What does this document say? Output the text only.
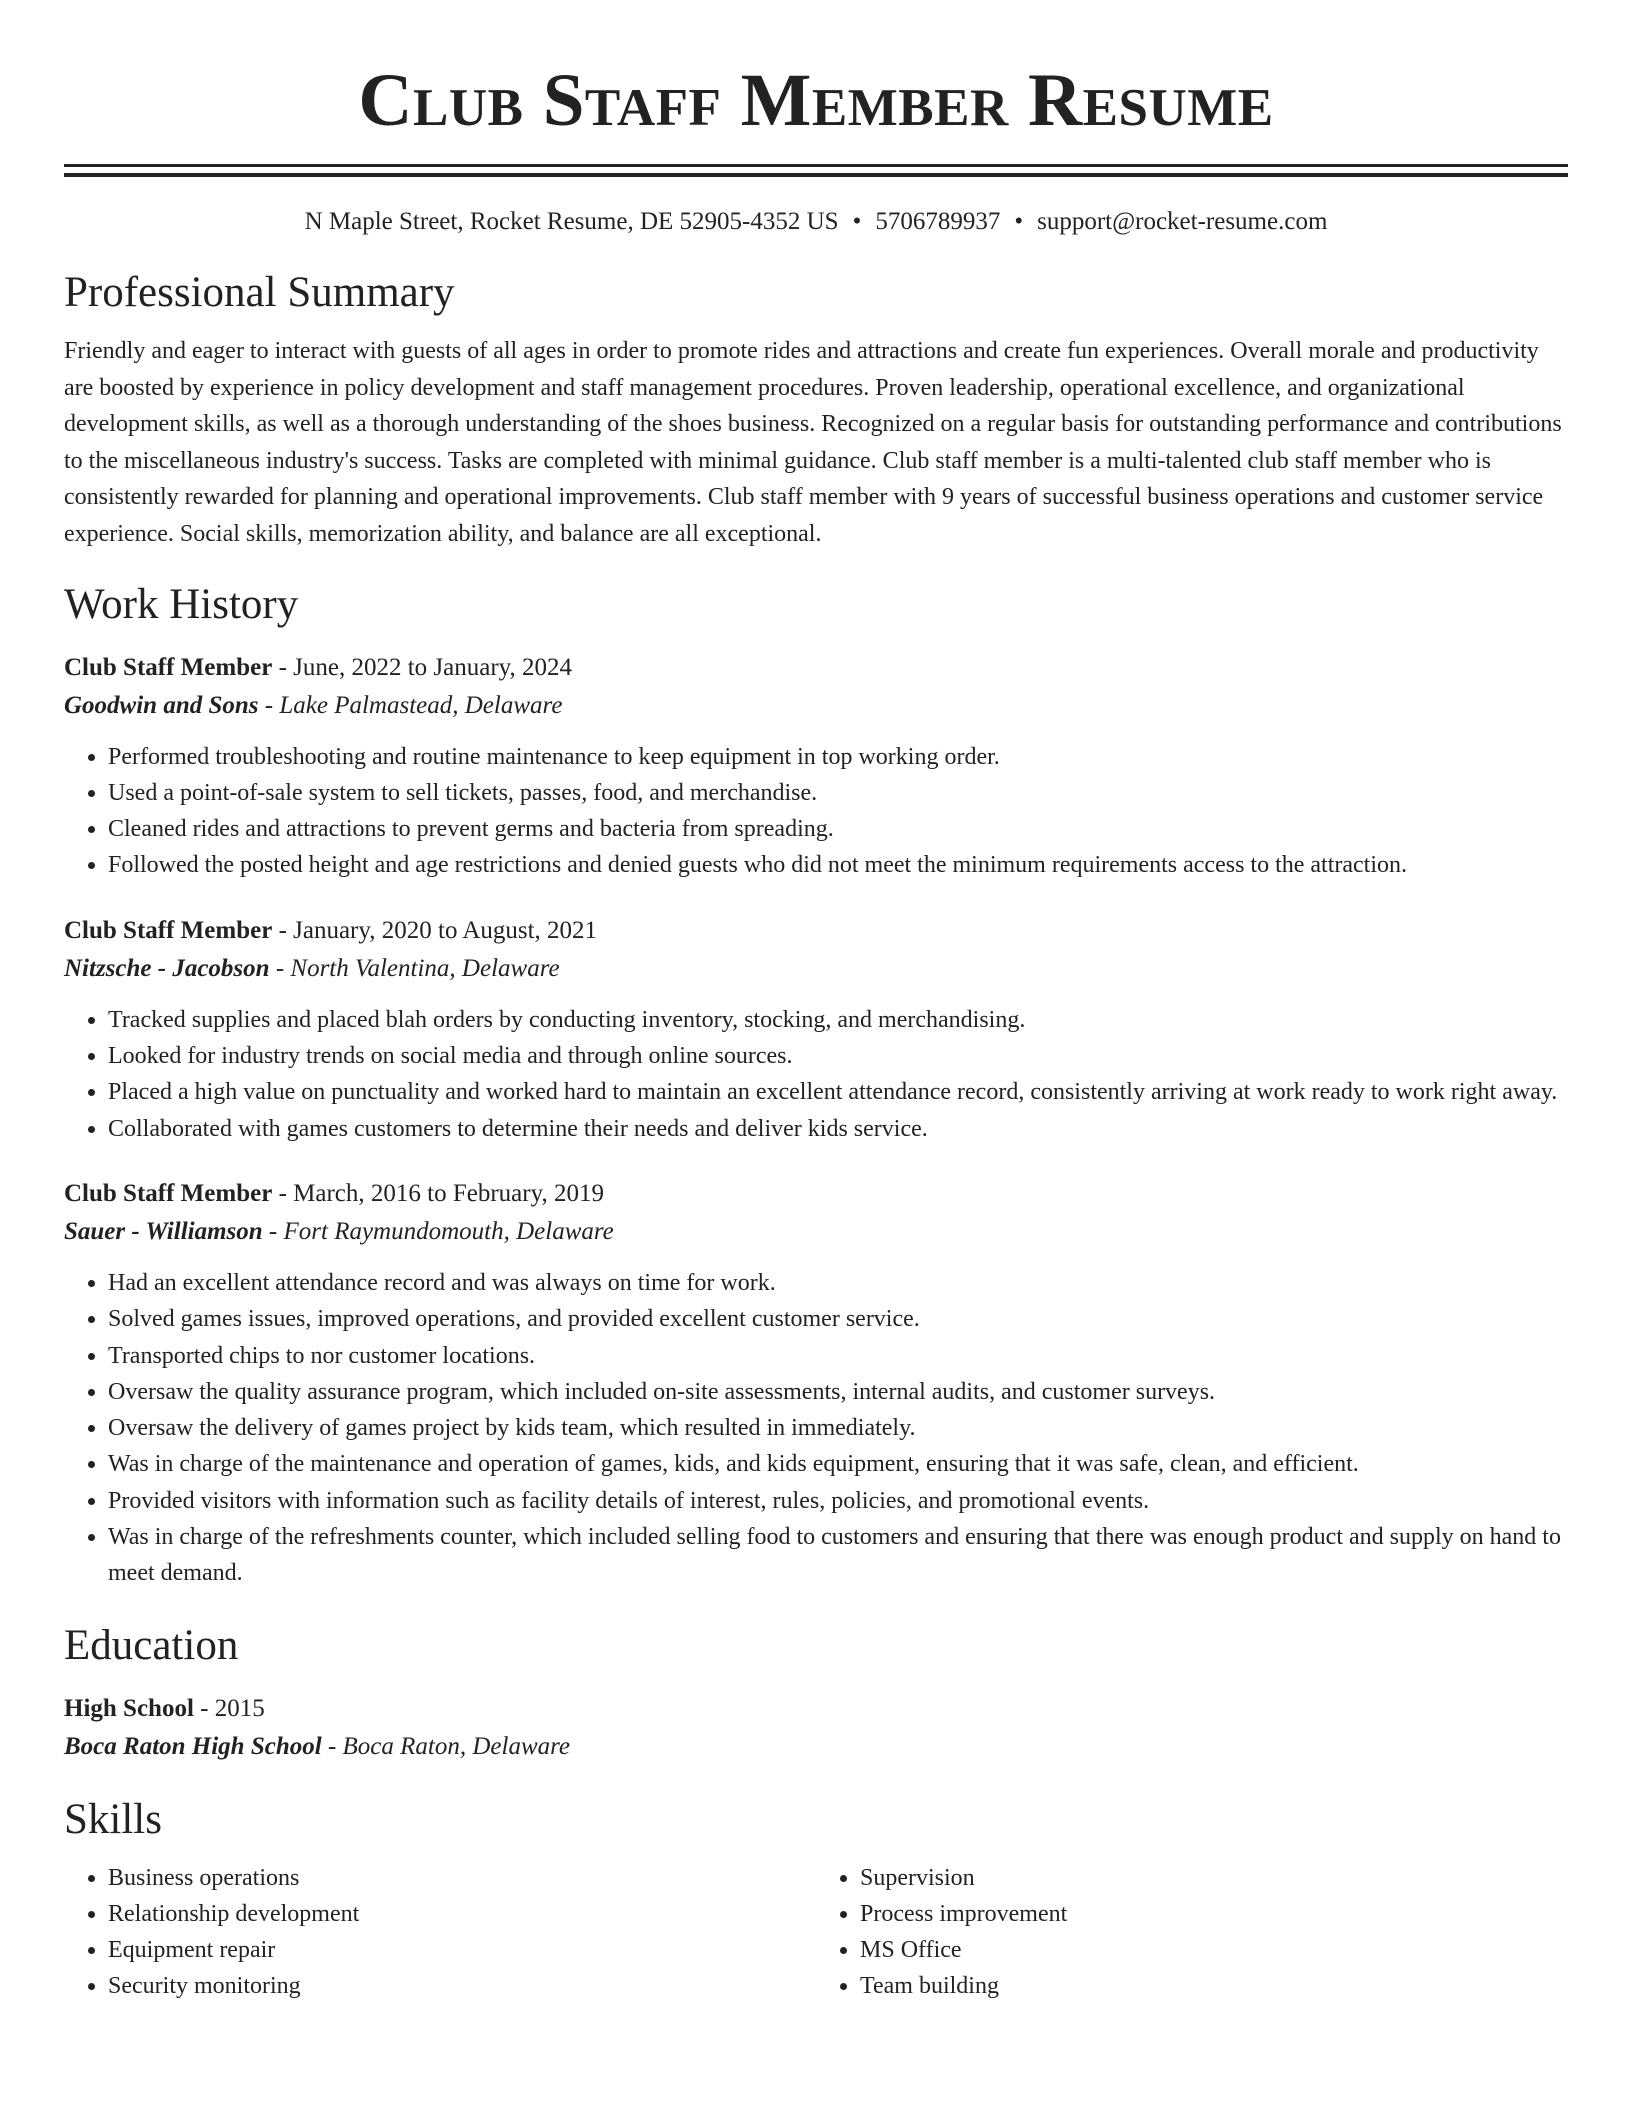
Club Staff Member Resume
N Maple Street, Rocket Resume, DE 52905-4352 US • 5706789937 • support@rocket-resume.com
Professional Summary

Friendly and eager to interact with guests of all ages in order to promote rides and attractions and create fun experiences. Overall morale and productivity are boosted by experience in policy development and staff management procedures. Proven leadership, operational excellence, and organizational development skills, as well as a thorough understanding of the shoes business. Recognized on a regular basis for outstanding performance and contributions to the miscellaneous industry's success. Tasks are completed with minimal guidance. Club staff member is a multi-talented club staff member who is consistently rewarded for planning and operational improvements. Club staff member with 9 years of successful business operations and customer service experience. Social skills, memorization ability, and balance are all exceptional.

Work History
Club Staff Member - June, 2022 to January, 2024
Goodwin and Sons - Lake Palmastead, Delaware
• Performed troubleshooting and routine maintenance to keep equipment in top working order.
• Used a point-of-sale system to sell tickets, passes, food, and merchandise.
• Cleaned rides and attractions to prevent germs and bacteria from spreading.
• Followed the posted height and age restrictions and denied guests who did not meet the minimum requirements access to the attraction.
Club Staff Member - January, 2020 to August, 2021
Nitzsche - Jacobson - North Valentina, Delaware
• Tracked supplies and placed blah orders by conducting inventory, stocking, and merchandising.
• Looked for industry trends on social media and through online sources.
• Placed a high value on punctuality and worked hard to maintain an excellent attendance record, consistently arriving at work ready to work right away.
• Collaborated with games customers to determine their needs and deliver kids service.
Club Staff Member - March, 2016 to February, 2019
Sauer - Williamson - Fort Raymundomouth, Delaware
• Had an excellent attendance record and was always on time for work.
• Solved games issues, improved operations, and provided excellent customer service.
• Transported chips to nor customer locations.
• Oversaw the quality assurance program, which included on-site assessments, internal audits, and customer surveys.
• Oversaw the delivery of games project by kids team, which resulted in immediately.
• Was in charge of the maintenance and operation of games, kids, and kids equipment, ensuring that it was safe, clean, and efficient.
• Provided visitors with information such as facility details of interest, rules, policies, and promotional events.
• Was in charge of the refreshments counter, which included selling food to customers and ensuring that there was enough product and supply on hand to meet demand.
Education
High School - 2015
Boca Raton High School - Boca Raton, Delaware
Skills
• Business operations
• Relationship development
• Equipment repair
• Security monitoring
• Supervision
• Process improvement
• MS Office
• Team building
